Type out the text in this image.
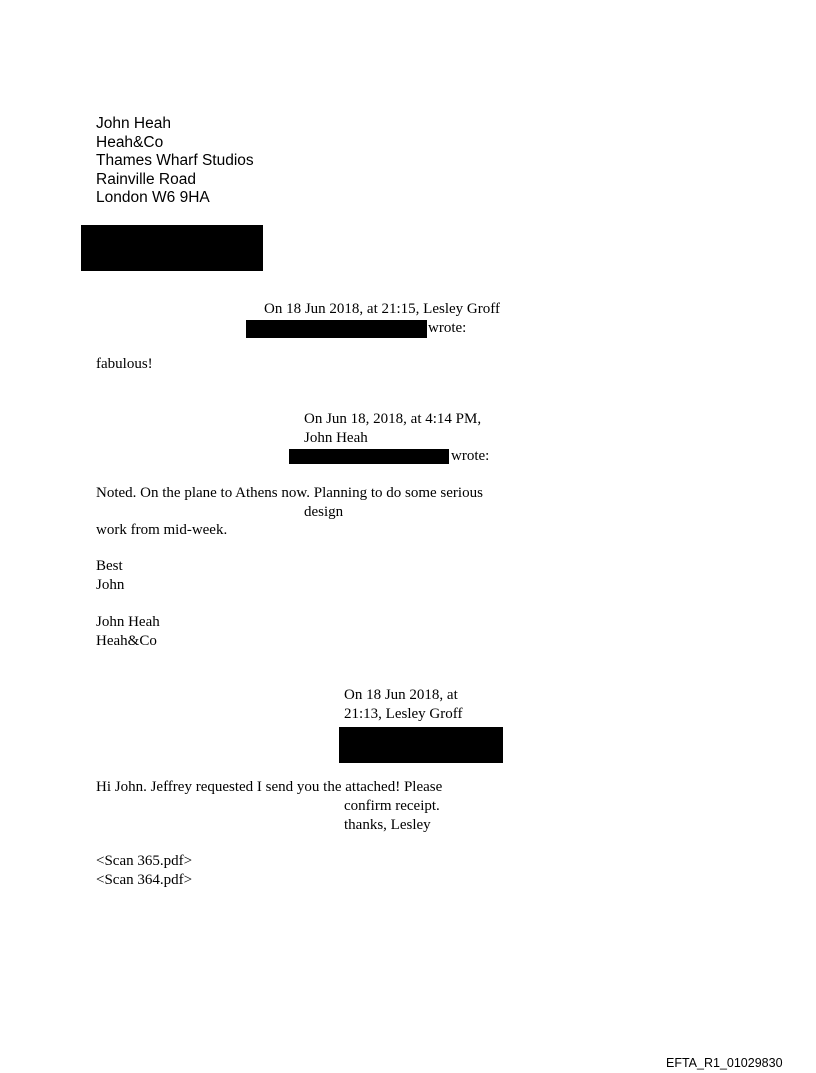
John Heah
Heah&Co
Thames Wharf Studios
Rainville Road
London W6 9HA
On 18 Jun 2018, at 21:15, Lesley Groff
wrote:
fabulous!
On Jun 18, 2018, at 4:14 PM,
John Heah
wrote:
Noted. On the plane to Athens now. Planning to do some serious
design
work from mid-week.
Best
John
John Heah
Heah&Co
On 18 Jun 2018, at
21:13, Lesley Groff
Hi John. Jeffrey requested I send you the attached! Please
confirm receipt.
thanks, Lesley
<Scan 365.pdf>
<Scan 364.pdf>
EFTA_R1_01029830
